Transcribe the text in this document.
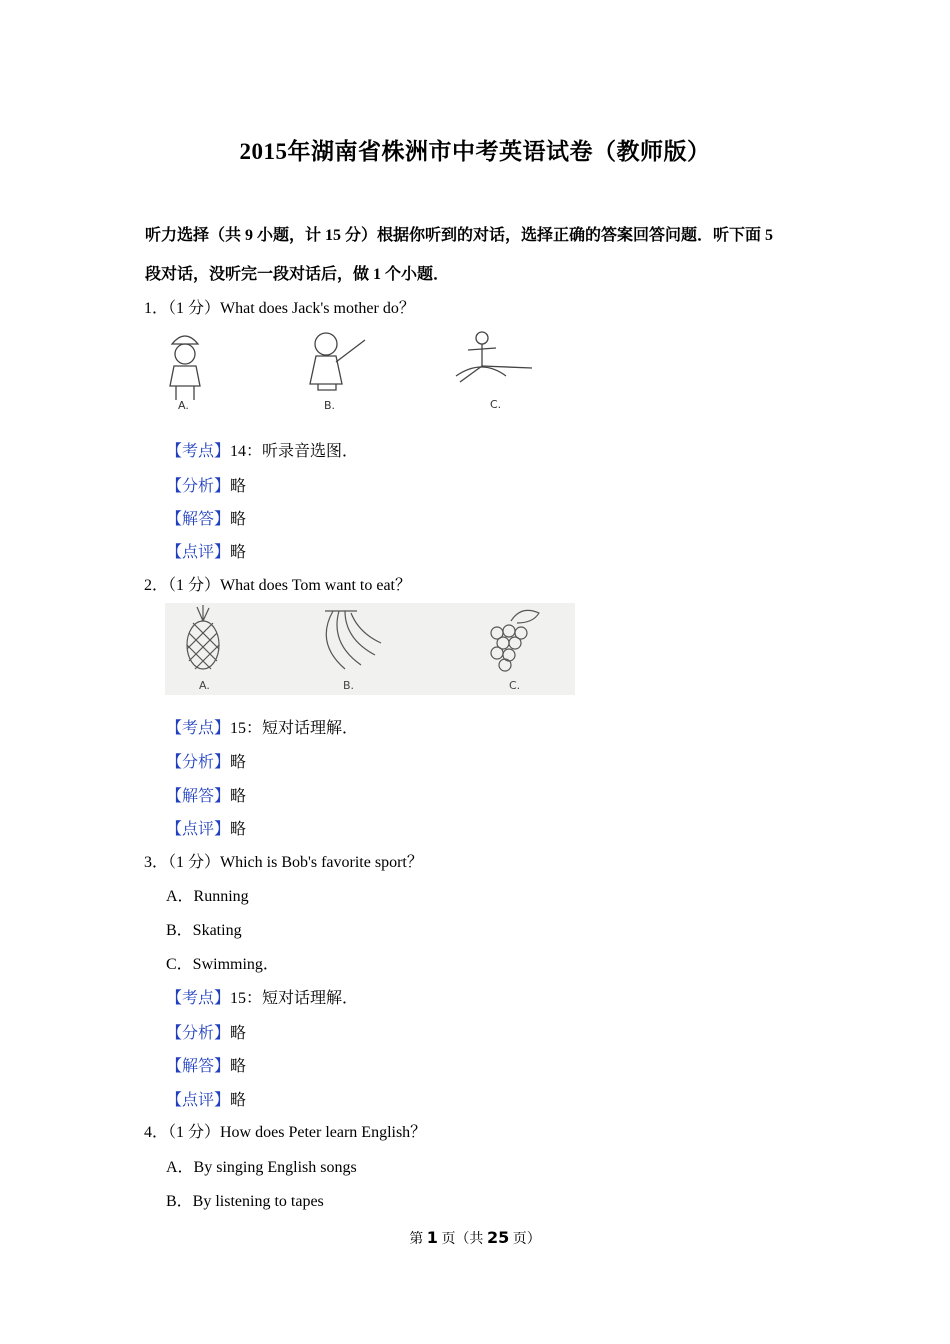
2015年湖南省株洲市中考英语试卷（教师版）
听力选择（共 9 小题，计 15 分）根据你听到的对话，选择正确的答案回答问题．听下面 5
段对话，没听完一段对话后，做 1 个小题．
1．（1 分）What does Jack's mother do？
A.	B.	C.
【考点】14：听录音选图．
【分析】略
【解答】略
【点评】略
2．（1 分）What does Tom want to eat？
A.	B.	C.
【考点】15：短对话理解．
【分析】略
【解答】略
【点评】略
3．（1 分）Which is Bob's favorite sport？
A．Running
B．Skating
C．Swimming．
【考点】15：短对话理解．
【分析】略
【解答】略
【点评】略
4．（1 分）How does Peter learn English？
A．By singing English songs
B．By listening to tapes
第 1 页（共 25 页）
